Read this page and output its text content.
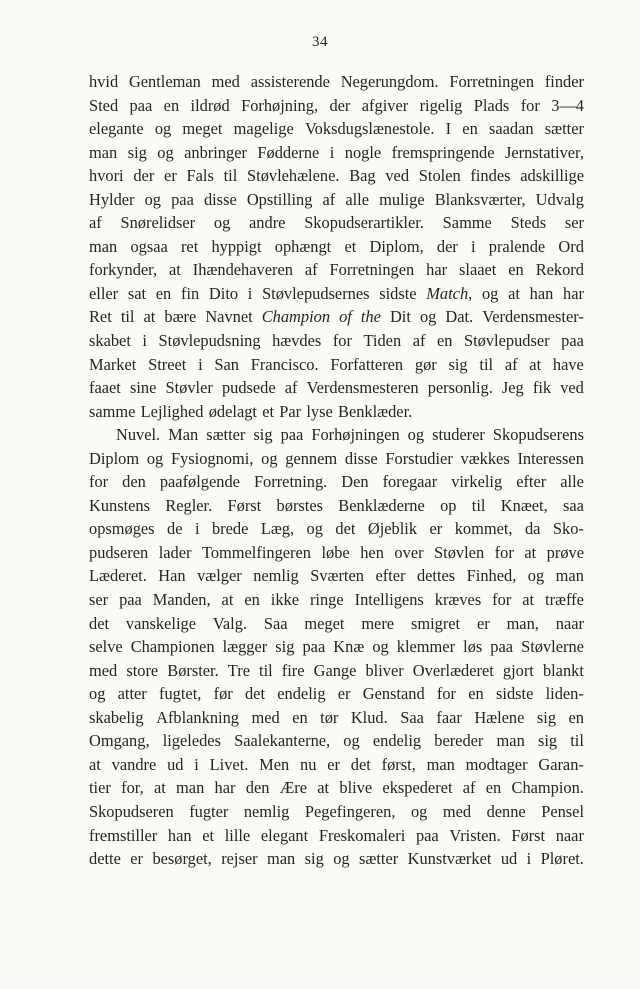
34
hvid Gentleman med assisterende Negerungdom. Forretningen finder
Sted paa en ildrød Forhøjning, der afgiver rigelig Plads for 3—4
elegante og meget magelige Voksdugslænestole. I en saadan sætter
man sig og anbringer Fødderne i nogle fremspringende Jernstativer,
hvori der er Fals til Støvlehælene. Bag ved Stolen findes adskillige
Hylder og paa disse Opstilling af alle mulige Blanksværter, Udvalg
af Snørelidser og andre Skopudserartikler. Samme Steds ser
man ogsaa ret hyppigt ophængt et Diplom, der i pralende Ord
forkynder, at Ihændehaveren af Forretningen har slaaet en Rekord
eller sat en fin Dito i Støvlepudsernes sidste Match, og at han har
Ret til at bære Navnet Champion of the Dit og Dat. Verdensmester-
skabet i Støvlepudsning hævdes for Tiden af en Støvlepudser paa
Market Street i San Francisco. Forfatteren gør sig til af at have
faaet sine Støvler pudsede af Verdensmesteren personlig. Jeg fik ved
samme Lejlighed ødelagt et Par lyse Benklæder.
Nuvel. Man sætter sig paa Forhøjningen og studerer Skopudserens
Diplom og Fysiognomi, og gennem disse Forstudier vækkes Interessen
for den paafølgende Forretning. Den foregaar virkelig efter alle
Kunstens Regler. Først børstes Benklæderne op til Knæet, saa
opsmøges de i brede Læg, og det Øjeblik er kommet, da Sko-
pudseren lader Tommelfingeren løbe hen over Støvlen for at prøve
Læderet. Han vælger nemlig Sværten efter dettes Finhed, og man
ser paa Manden, at en ikke ringe Intelligens kræves for at træffe
det vanskelige Valg. Saa meget mere smigret er man, naar
selve Championen lægger sig paa Knæ og klemmer løs paa Støvlerne
med store Børster. Tre til fire Gange bliver Overlæderet gjort blankt
og atter fugtet, før det endelig er Genstand for en sidste liden-
skabelig Afblankning med en tør Klud. Saa faar Hælene sig en
Omgang, ligeledes Saalekanterne, og endelig bereder man sig til
at vandre ud i Livet. Men nu er det først, man modtager Garan-
tier for, at man har den Ære at blive ekspederet af en Champion.
Skopudseren fugter nemlig Pegefingeren, og med denne Pensel
fremstiller han et lille elegant Freskomaleri paa Vristen. Først naar
dette er besørget, rejser man sig og sætter Kunstværket ud i Pløret.
